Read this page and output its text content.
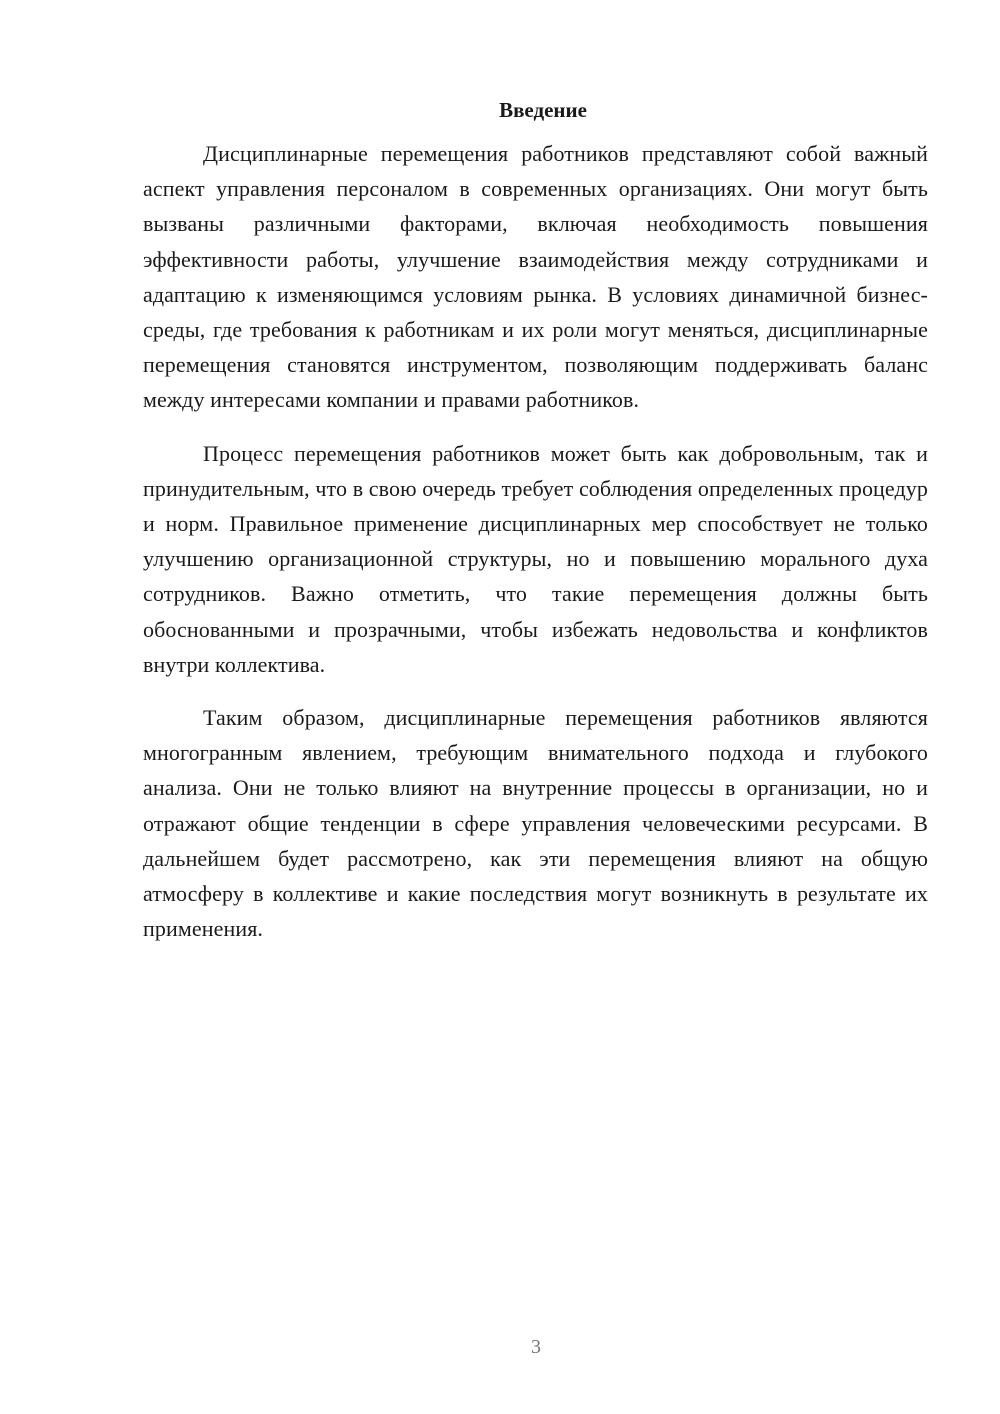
Введение

Дисциплинарные перемещения работников представляют собой важный аспект управления персоналом в современных организациях. Они могут быть вызваны различными факторами, включая необходимость повышения эффективности работы, улучшение взаимодействия между сотрудниками и адаптацию к изменяющимся условиям рынка. В условиях динамичной бизнес-среды, где требования к работникам и их роли могут меняться, дисциплинарные перемещения становятся инструментом, позволяющим поддерживать баланс между интересами компании и правами работников.

Процесс перемещения работников может быть как добровольным, так и принудительным, что в свою очередь требует соблюдения определенных процедур и норм. Правильное применение дисциплинарных мер способствует не только улучшению организационной структуры, но и повышению морального духа сотрудников. Важно отметить, что такие перемещения должны быть обоснованными и прозрачными, чтобы избежать недовольства и конфликтов внутри коллектива.

Таким образом, дисциплинарные перемещения работников являются многогранным явлением, требующим внимательного подхода и глубокого анализа. Они не только влияют на внутренние процессы в организации, но и отражают общие тенденции в сфере управления человеческими ресурсами. В дальнейшем будет рассмотрено, как эти перемещения влияют на общую атмосферу в коллективе и какие последствия могут возникнуть в результате их применения.

3
